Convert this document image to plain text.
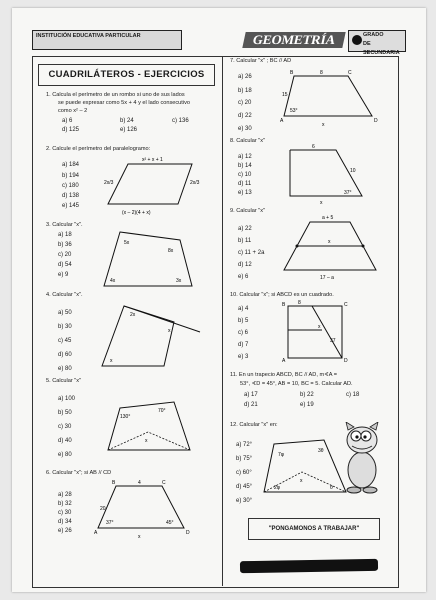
INSTITUCIÓN EDUCATIVA PARTICULAR	GEOMETRÍA	GRADO
DE SECUNDARIA
CUADRILÁTEROS - EJERCICIOS
1. Calcula el perímetro de un rombo si uno de sus lados
se puede expresar como 5x + 4 y el lado consecutivo
como x² – 2
a) 6	b) 24	c) 136
d) 125	e) 126
2. Calcule el perímetro del paralelogramo:
a) 184
b) 194
c) 180
d) 138
e) 145
x² + x + 1
(x – 2)(4 + x)
2x/3	2x/3
3. Calcular "x".
a) 18
b) 36
c) 20
d) 54
e) 9
5x
8x
4x	3x
4. Calcular "x".
a) 50
b) 30
c) 45
d) 60
e) 80
2x
x
x
5. Calcular "x"
a) 100
b) 50
c) 30
d) 40
e) 80
70°
130°
x
6. Calcular "x"; si AB // CD
a) 28
b) 32
c) 30
d) 34
e) 26
B	C
A	D
4
20
37°	45°
x
7. Calcular "x" ; BC // AD
a) 26
b) 18
c) 20
d) 22
e) 30
B	C
A	D
8
15
53°
x
8. Calcular "x"
a) 12
b) 14
c) 10
d) 11
e) 13
6
10
37°
x
9. Calcular "x"
a) 22
b) 11
c) 11 + 2a
d) 12
e) 6
a + 5
x
17 – a
10. Calcular "x"; si ABCD es un cuadrado.
a) 4
b) 5
c) 6
d) 7
e) 3
B	C
A	D
8
37
x
11. En un trapecio ABCD, BC // AD, m∢A =
53°, ∢D = 45°, AB = 10, BC = 5. Calcular AD.
a) 17	b) 22	c) 18
d) 21	e) 19
12. Calcular "x" en:
a) 72°
b) 75°
c) 60°
d) 45°
e) 30°
7φ
3θ
2φ	θ
x
"PONGAMONOS A TRABAJAR"
